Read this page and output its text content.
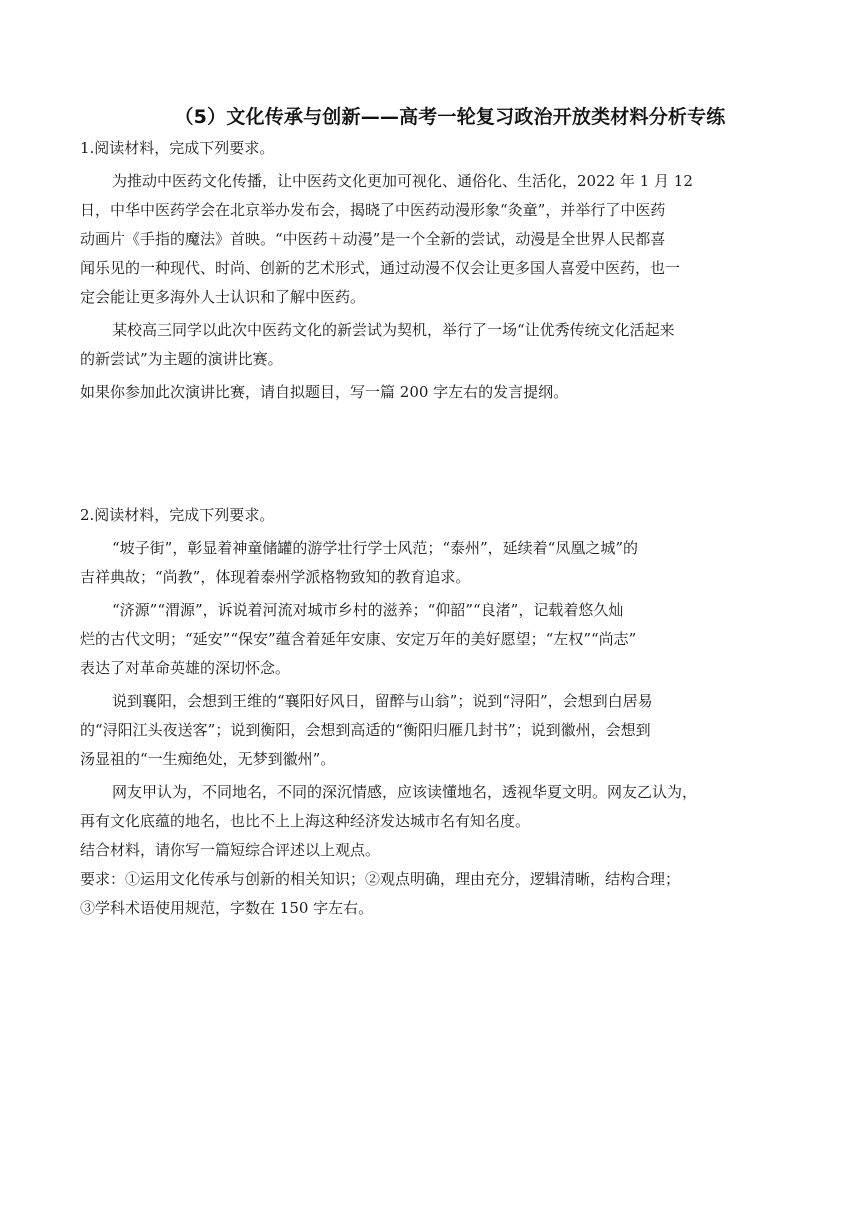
（5）文化传承与创新——高考一轮复习政治开放类材料分析专练

1.阅读材料，完成下列要求。

为推动中医药文化传播，让中医药文化更加可视化、通俗化、生活化，2022 年 1 月 12

日，中华中医药学会在北京举办发布会，揭晓了中医药动漫形象“灸童”，并举行了中医药

动画片《手指的魔法》首映。“中医药＋动漫”是一个全新的尝试，动漫是全世界人民都喜

闻乐见的一种现代、时尚、创新的艺术形式，通过动漫不仅会让更多国人喜爱中医药，也一

定会能让更多海外人士认识和了解中医药。

某校高三同学以此次中医药文化的新尝试为契机，举行了一场“让优秀传统文化活起来

的新尝试”为主题的演讲比赛。

如果你参加此次演讲比赛，请自拟题目，写一篇 200 字左右的发言提纲。

2.阅读材料，完成下列要求。

“坡子街”，彰显着神童储罐的游学壮行学士风范；“泰州”，延续着“凤凰之城”的

吉祥典故；“尚教”，体现着泰州学派格物致知的教育追求。

“济源”“渭源”，诉说着河流对城市乡村的滋养；“仰韶”“良渚”，记载着悠久灿

烂的古代文明；“延安”“保安”蕴含着延年安康、安定万年的美好愿望；“左权”“尚志”

表达了对革命英雄的深切怀念。

说到襄阳，会想到王维的“襄阳好风日，留醉与山翁”；说到“浔阳”，会想到白居易

的“浔阳江头夜送客”；说到衡阳，会想到高适的“衡阳归雁几封书”；说到徽州，会想到

汤显祖的“一生痴绝处，无梦到徽州”。

网友甲认为，不同地名，不同的深沉情感，应该读懂地名，透视华夏文明。网友乙认为，

再有文化底蕴的地名，也比不上上海这种经济发达城市名有知名度。

结合材料，请你写一篇短综合评述以上观点。

要求：①运用文化传承与创新的相关知识；②观点明确，理由充分，逻辑清晰，结构合理；

③学科术语使用规范，字数在 150 字左右。
